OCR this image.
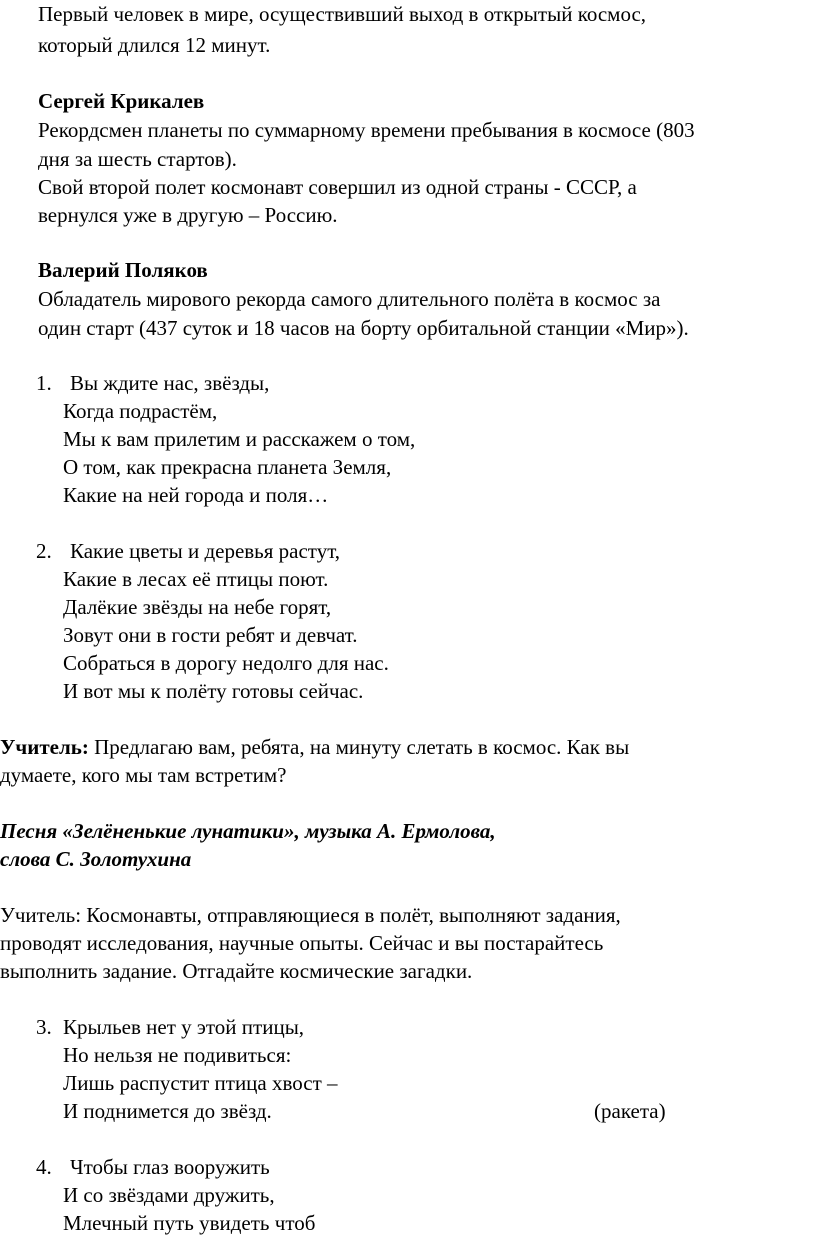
Первый человек в мире, осуществивший выход в открытый космос,
который длился 12 минут.
Сергей Крикалев
Рекордсмен планеты по суммарному времени пребывания в космосе (803
дня за шесть стартов).
Свой второй полет космонавт совершил из одной страны - СССР, а
вернулся уже в другую – Россию.
Валерий Поляков
Обладатель мирового рекорда самого длительного полёта в космос за
один старт (437 суток и 18 часов на борту орбитальной станции «Мир»).
1. Вы ждите нас, звёзды,
Когда подрастём,
Мы к вам прилетим и расскажем о том,
О том, как прекрасна планета Земля,
Какие на ней города и поля…
2. Какие цветы и деревья растут,
Какие в лесах её птицы поют.
Далёкие звёзды на небе горят,
Зовут они в гости ребят и девчат.
Собраться в дорогу недолго для нас.
И вот мы к полёту готовы сейчас.
Учитель: Предлагаю вам, ребята, на минуту слетать в космос. Как вы
думаете, кого мы там встретим?
Песня «Зелёненькие лунатики», музыка А. Ермолова,
слова С. Золотухина
Учитель: Космонавты, отправляющиеся в полёт, выполняют задания,
проводят исследования, научные опыты. Сейчас и вы постарайтесь
выполнить задание. Отгадайте космические загадки.
3. Крыльев нет у этой птицы,
Но нельзя не подивиться:
Лишь распустит птица хвост –
И поднимется до звёзд.	(ракета)
4. Чтобы глаз вооружить
И со звёздами дружить,
Млечный путь увидеть чтоб
